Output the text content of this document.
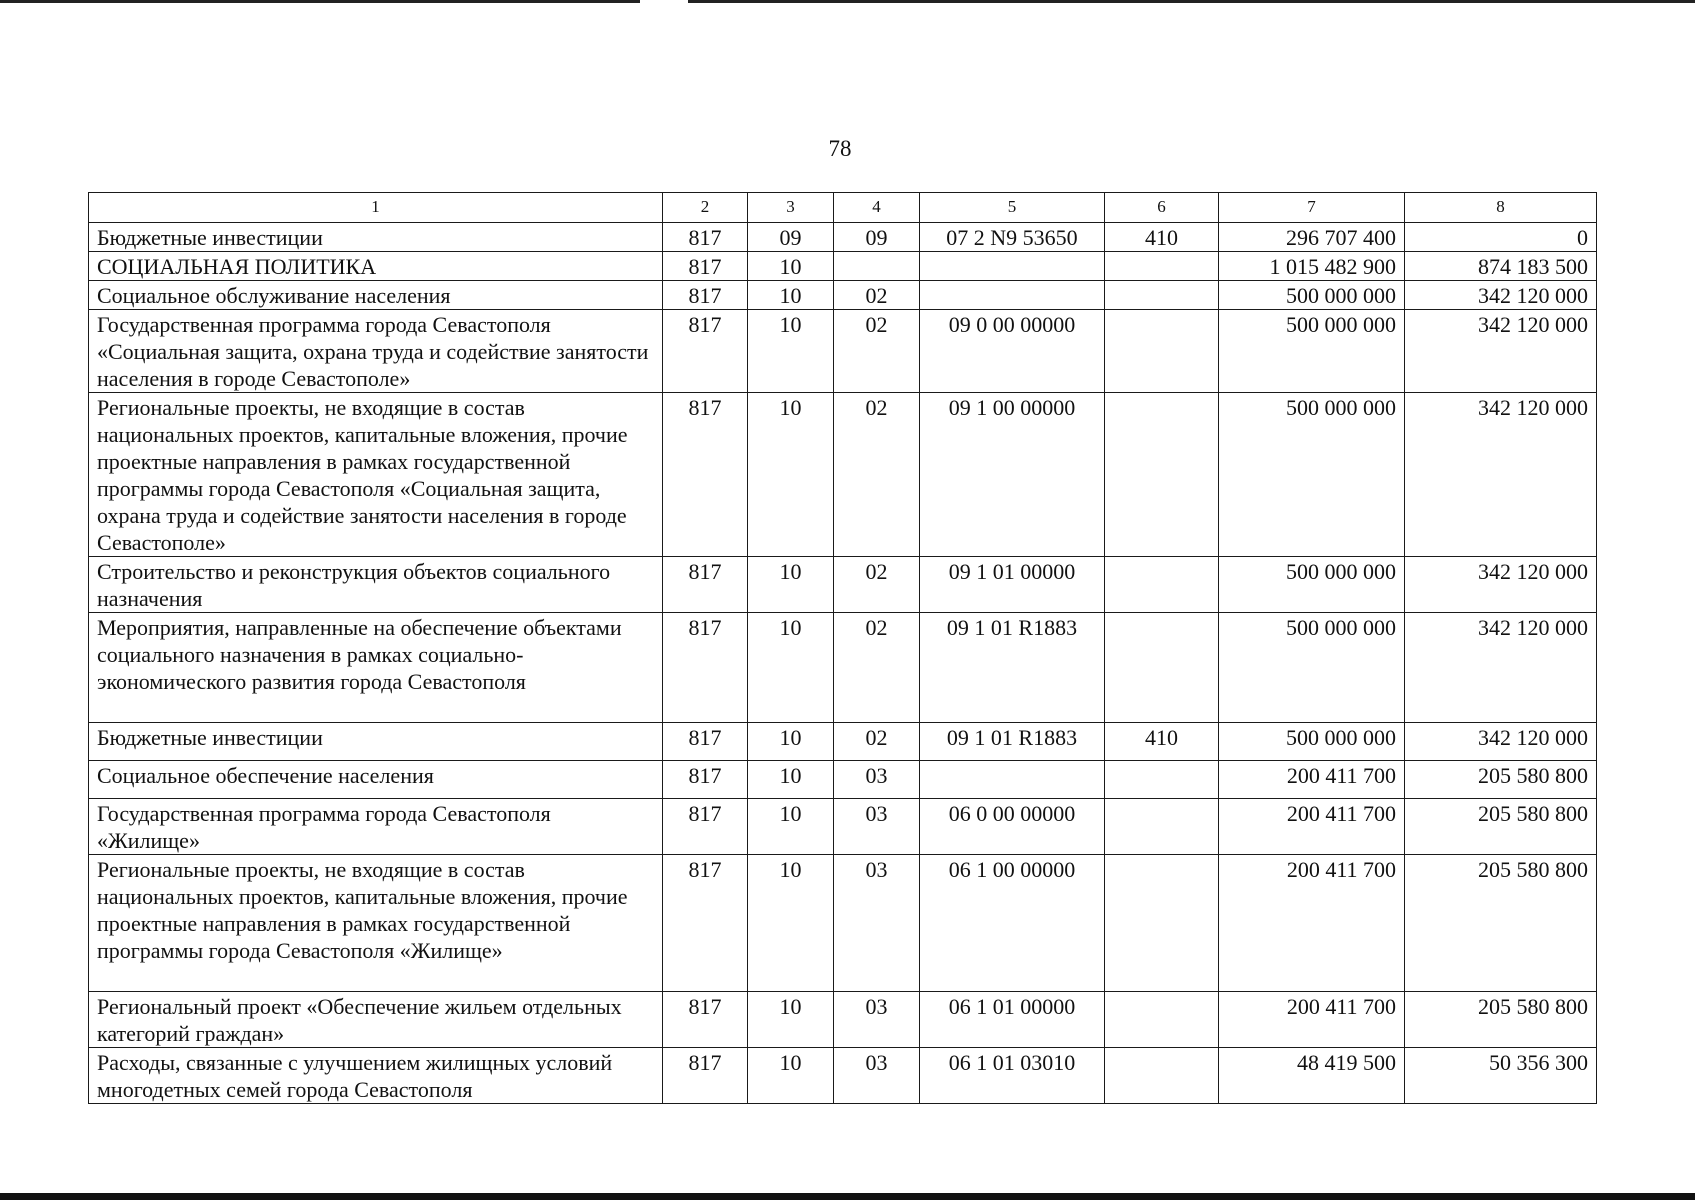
78
1	2	3	4	5	6	7	8
Бюджетные инвестиции	817	09	09	07 2 N9 53650	410	296 707 400	0
СОЦИАЛЬНАЯ ПОЛИТИКА	817	10				1 015 482 900	874 183 500
Социальное обслуживание населения	817	10	02			500 000 000	342 120 000
Государственная программа города Севастополя «Социальная защита, охрана труда и содействие занятости населения в городе Севастополе»	817	10	02	09 0 00 00000		500 000 000	342 120 000
Региональные проекты, не входящие в состав национальных проектов, капитальные вложения, прочие проектные направления в рамках государственной программы города Севастополя «Социальная защита, охрана труда и содействие занятости населения в городе Севастополе»	817	10	02	09 1 00 00000		500 000 000	342 120 000
Строительство и реконструкция объектов социального назначения	817	10	02	09 1 01 00000		500 000 000	342 120 000
Мероприятия, направленные на обеспечение объектами социального назначения в рамках социально-экономического развития города Севастополя	817	10	02	09 1 01 R1883		500 000 000	342 120 000
Бюджетные инвестиции	817	10	02	09 1 01 R1883	410	500 000 000	342 120 000
Социальное обеспечение населения	817	10	03			200 411 700	205 580 800
Государственная программа города Севастополя «Жилище»	817	10	03	06 0 00 00000		200 411 700	205 580 800
Региональные проекты, не входящие в состав национальных проектов, капитальные вложения, прочие проектные направления в рамках государственной программы города Севастополя «Жилище»	817	10	03	06 1 00 00000		200 411 700	205 580 800
Региональный проект «Обеспечение жильем отдельных категорий граждан»	817	10	03	06 1 01 00000		200 411 700	205 580 800
Расходы, связанные с улучшением жилищных условий многодетных семей города Севастополя	817	10	03	06 1 01 03010		48 419 500	50 356 300
